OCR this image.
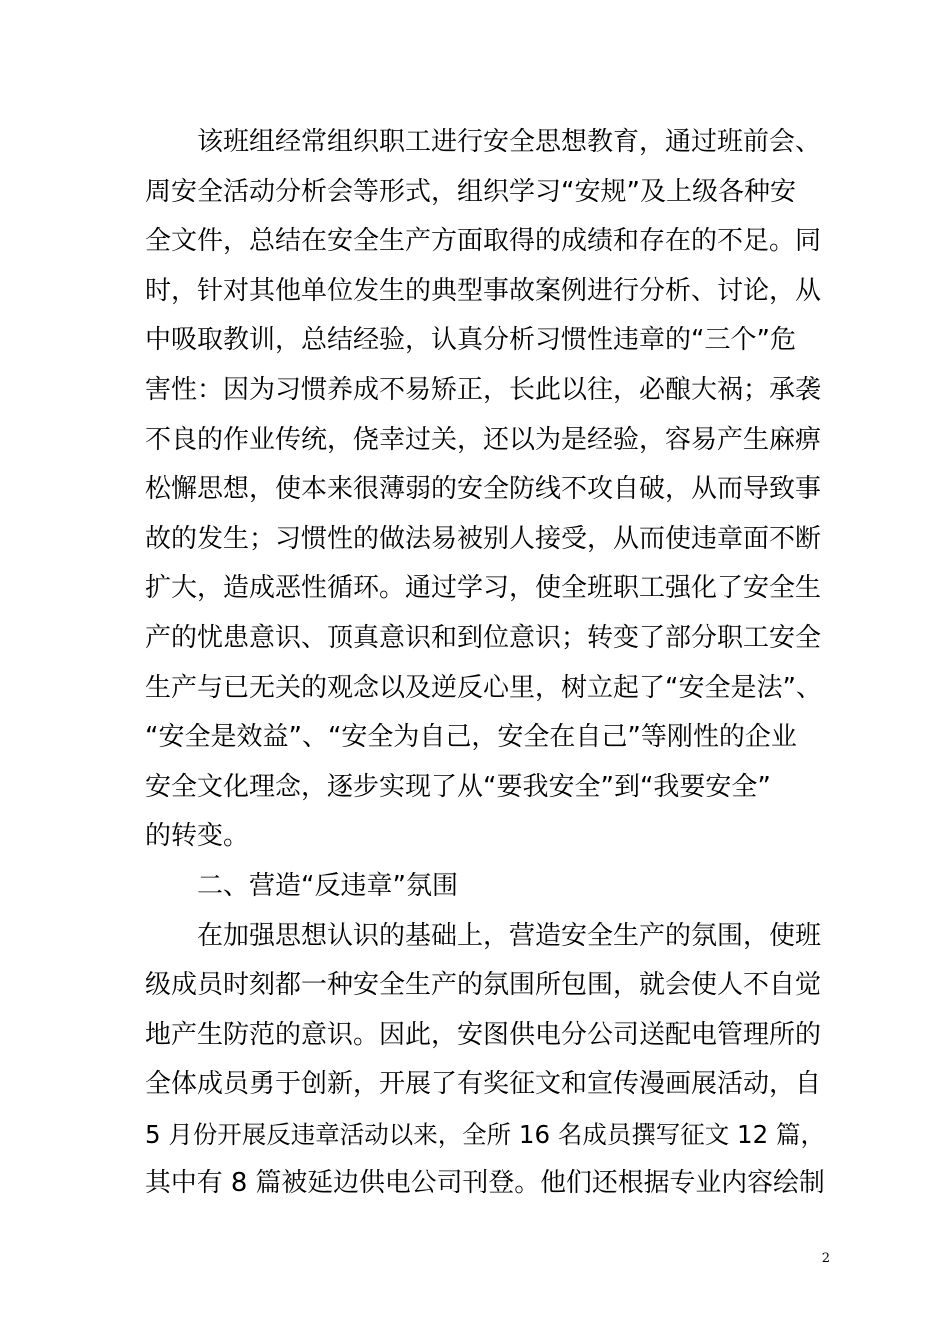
　　该班组经常组织职工进行安全思想教育，通过班前会、
周安全活动分析会等形式，组织学习“安规”及上级各种安
全文件，总结在安全生产方面取得的成绩和存在的不足。同
时，针对其他单位发生的典型事故案例进行分析、讨论，从
中吸取教训，总结经验，认真分析习惯性违章的“三个”危
害性：因为习惯养成不易矫正，长此以往，必酿大祸；承袭
不良的作业传统，侥幸过关，还以为是经验，容易产生麻痹
松懈思想，使本来很薄弱的安全防线不攻自破，从而导致事
故的发生；习惯性的做法易被别人接受，从而使违章面不断
扩大，造成恶性循环。通过学习，使全班职工强化了安全生
产的忧患意识、顶真意识和到位意识；转变了部分职工安全
生产与已无关的观念以及逆反心里，树立起了“安全是法”、
“安全是效益”、“安全为自己，安全在自己”等刚性的企业
安全文化理念，逐步实现了从“要我安全”到“我要安全”
的转变。
　　二、营造“反违章”氛围
　　在加强思想认识的基础上，营造安全生产的氛围，使班
级成员时刻都一种安全生产的氛围所包围，就会使人不自觉
地产生防范的意识。因此，安图供电分公司送配电管理所的
全体成员勇于创新，开展了有奖征文和宣传漫画展活动，自
5 月份开展反违章活动以来，全所 16 名成员撰写征文 12 篇，
其中有 8 篇被延边供电公司刊登。他们还根据专业内容绘制
2
